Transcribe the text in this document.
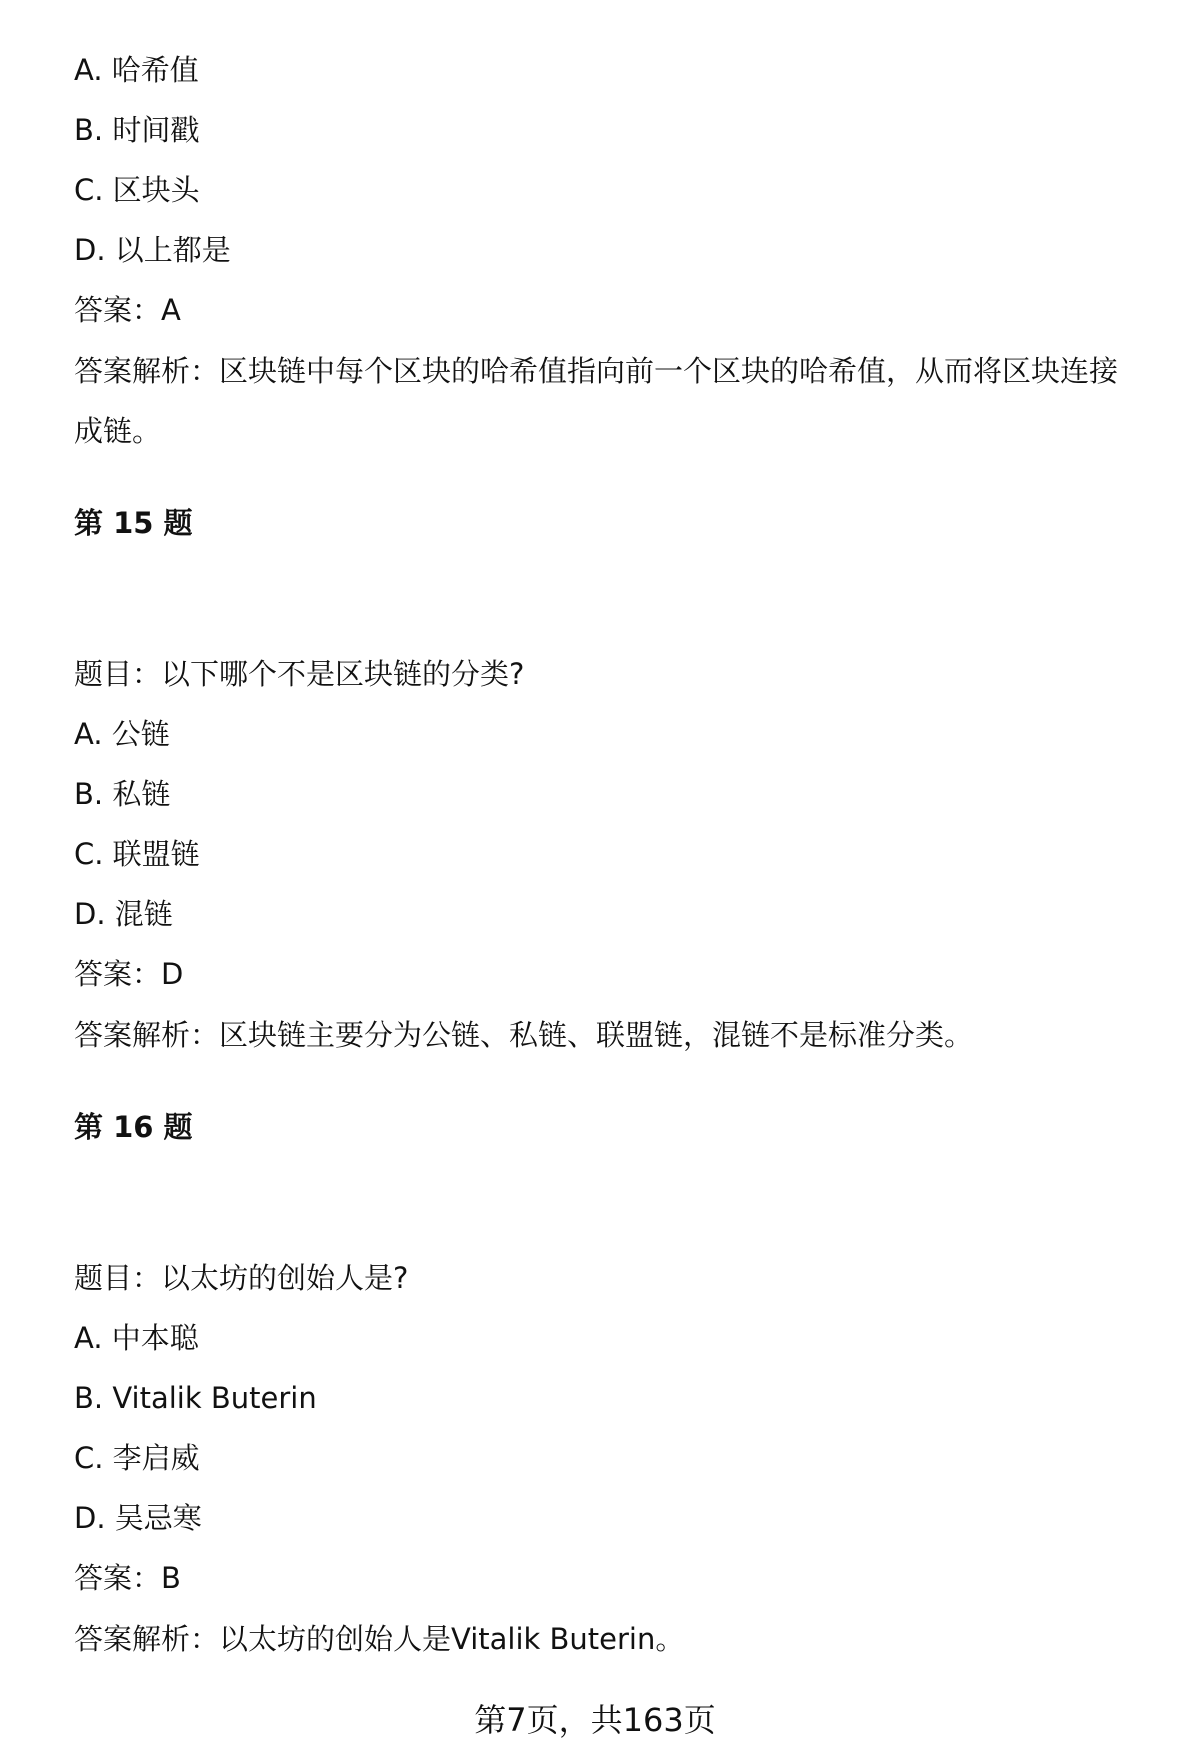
A. 哈希值
B. 时间戳
C. 区块头
D. 以上都是
答案：A
答案解析：区块链中每个区块的哈希值指向前一个区块的哈希值，从而将区块连接
成链。
第 15 题
题目：以下哪个不是区块链的分类?
A. 公链
B. 私链
C. 联盟链
D. 混链
答案：D
答案解析：区块链主要分为公链、私链、联盟链，混链不是标准分类。
第 16 题
题目：以太坊的创始人是?
A. 中本聪
B. Vitalik Buterin
C. 李启威
D. 吴忌寒
答案：B
答案解析：以太坊的创始人是Vitalik Buterin。
第7页，共163页
